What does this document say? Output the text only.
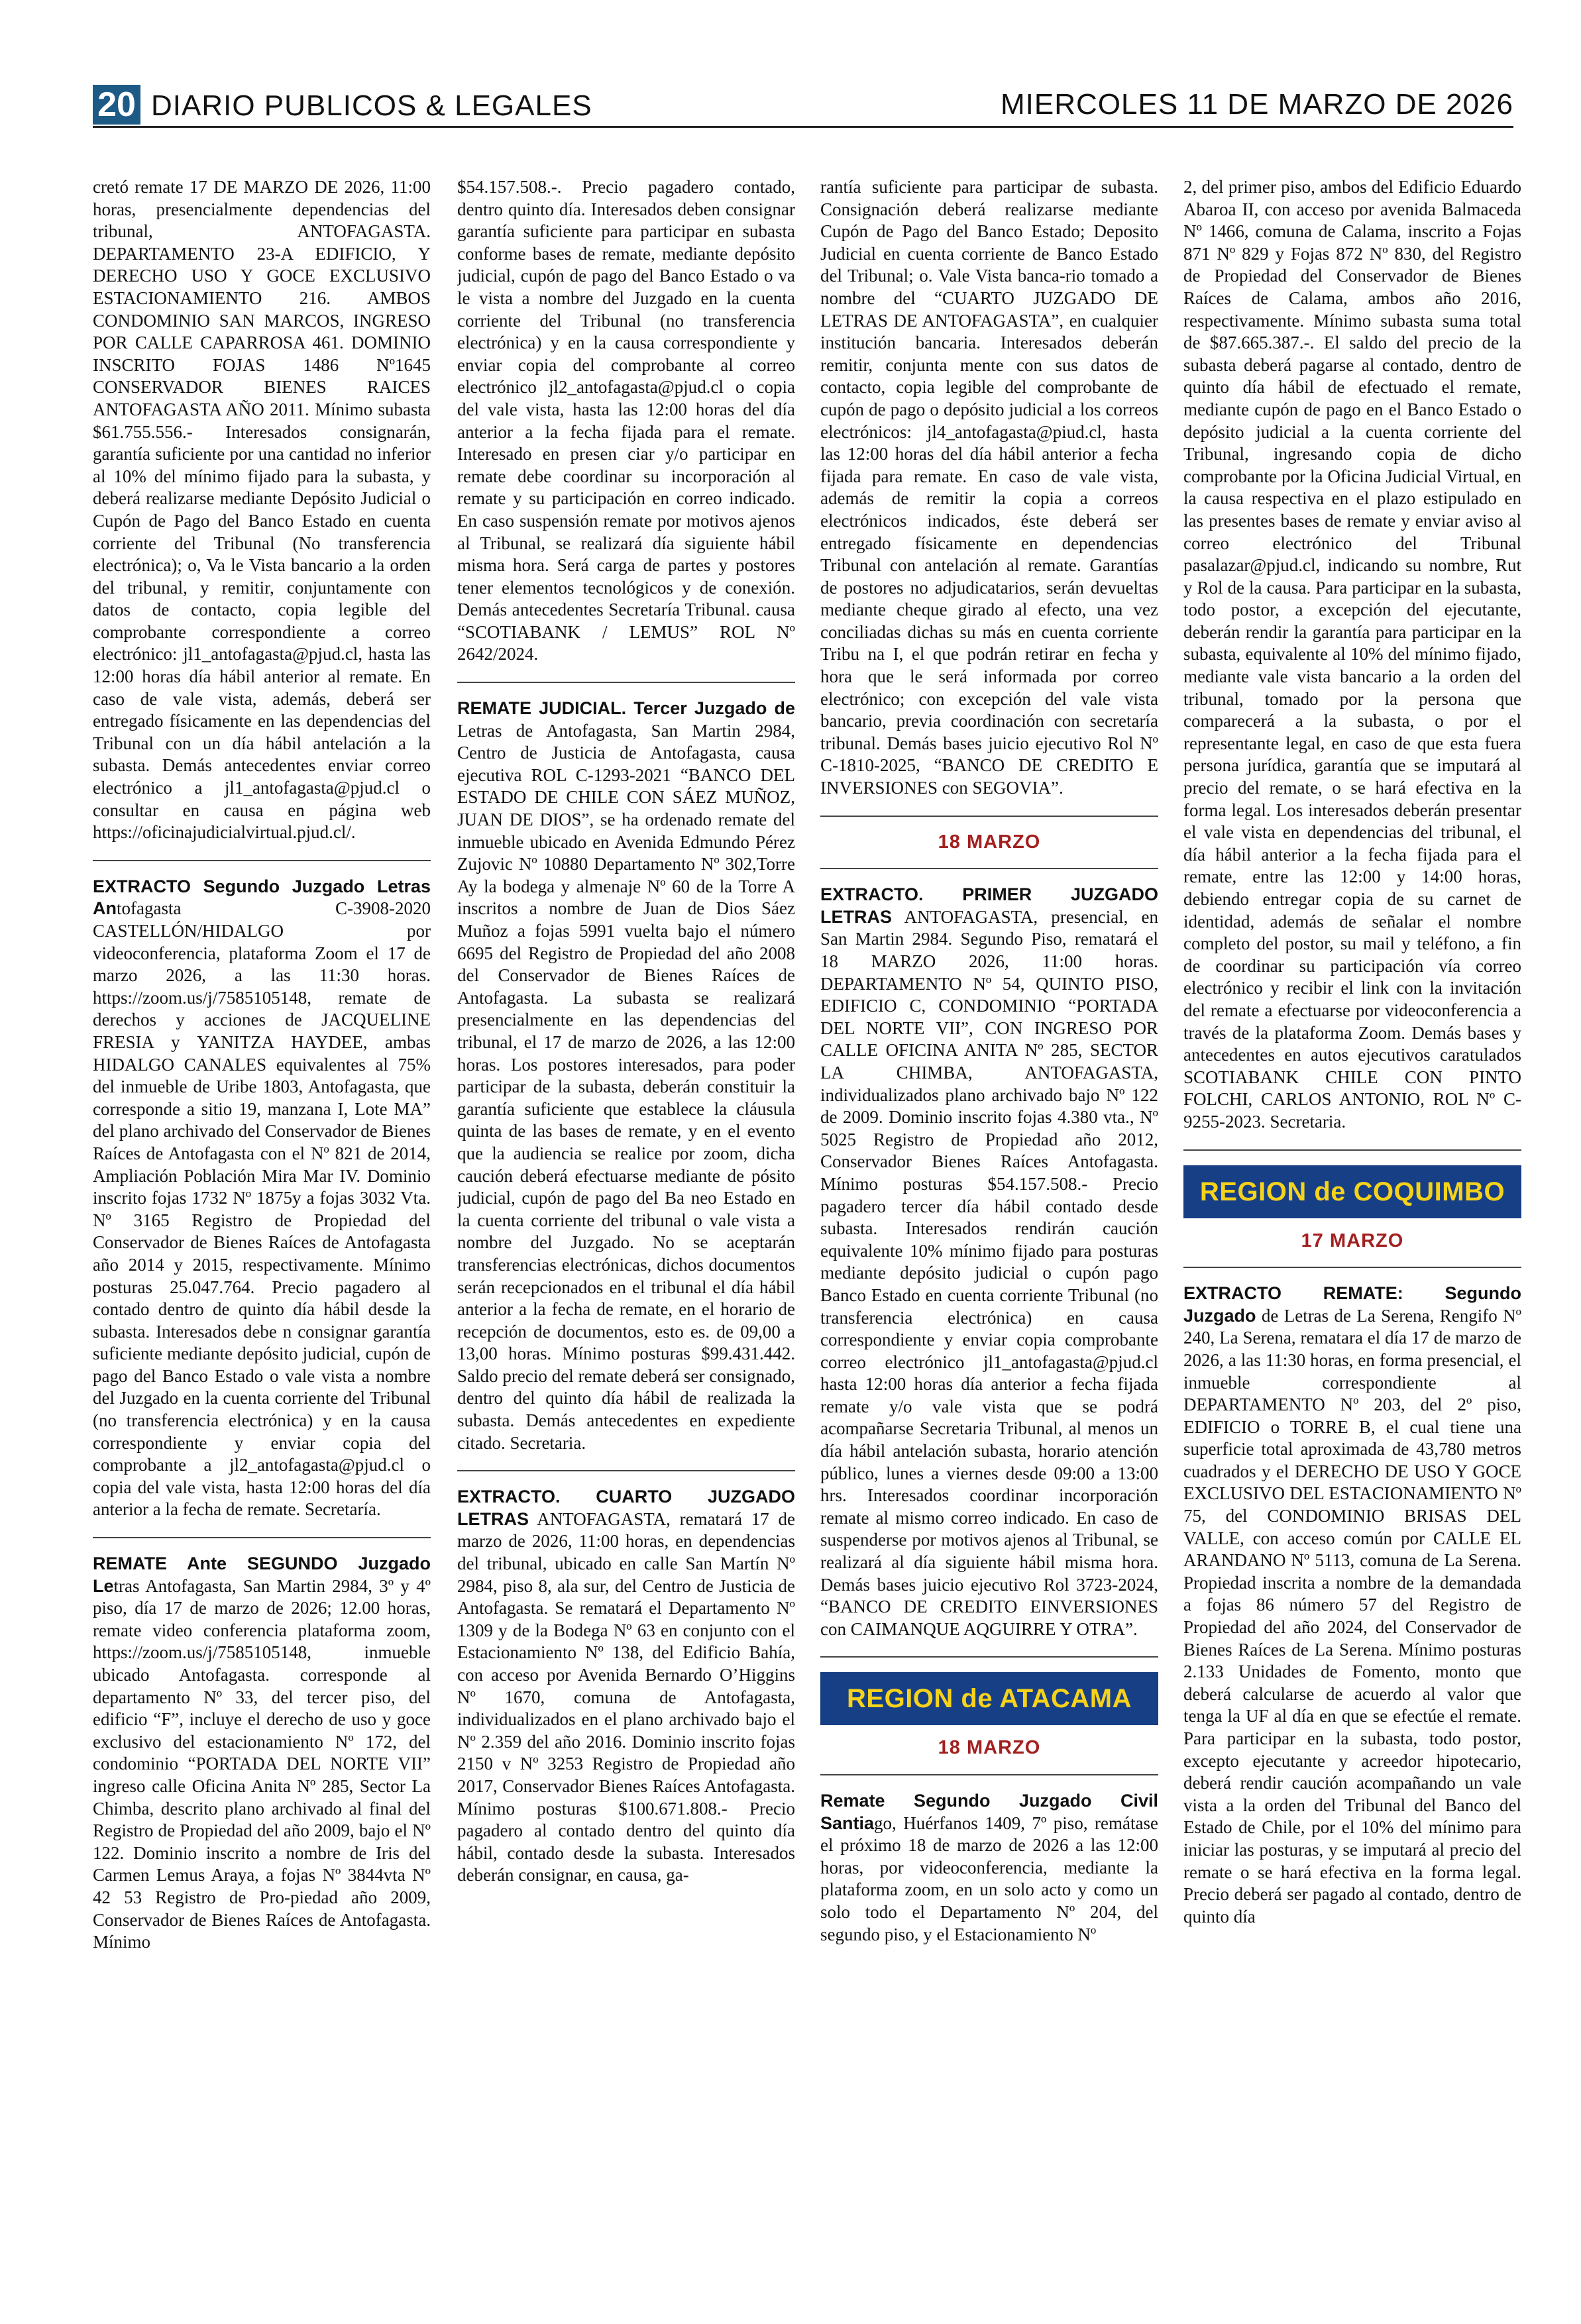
20 DIARIO PUBLICOS & LEGALES	MIERCOLES 11 DE MARZO DE 2026

cretó remate 17 DE MARZO DE 2026, 11:00 horas, presencialmente dependencias del tribunal, ANTOFAGASTA. DEPARTAMENTO 23-A EDIFICIO, Y DERECHO USO Y GOCE EXCLUSIVO ESTACIONAMIENTO 216. AMBOS CONDOMINIO SAN MARCOS, INGRESO POR CALLE CAPARROSA 461. DOMINIO INSCRITO FOJAS 1486 Nº1645 CONSERVADOR BIENES RAICES ANTOFAGASTA AÑO 2011. Mínimo subasta $61.755.556.- Interesados consignarán, garantía suficiente por una cantidad no inferior al 10% del mínimo fijado para la subasta, y deberá realizarse mediante Depósito Judicial o Cupón de Pago del Banco Estado en cuenta corriente del Tribunal (No transferencia electrónica); o, Va le Vista bancario a la orden del tribunal, y remitir, conjuntamente con datos de contacto, copia legible del comprobante correspondiente a correo electrónico: jl1_antofagasta@pjud.cl, hasta las 12:00 horas día hábil anterior al remate. En caso de vale vista, además, deberá ser entregado físicamente en las dependencias del Tribunal con un día hábil antelación a la subasta. Demás antecedentes enviar correo electrónico a jl1_antofagasta@pjud.cl o consultar en causa en página web https://oficinajudicialvirtual.pjud.cl/.

EXTRACTO Segundo Juzgado Letras Antofagasta C-3908-2020 CASTELLÓN/HIDALGO por videoconferencia, plataforma Zoom el 17 de marzo 2026, a las 11:30 horas. https://zoom.us/j/7585105148, remate de derechos y acciones de JACQUELINE FRESIA y YANITZA HAYDEE, ambas HIDALGO CANALES equivalentes al 75% del inmueble de Uribe 1803, Antofagasta, que corresponde a sitio 19, manzana I, Lote MA” del plano archivado del Conservador de Bienes Raíces de Antofagasta con el Nº 821 de 2014, Ampliación Población Mira Mar IV. Dominio inscrito fojas 1732 Nº 1875y a fojas 3032 Vta. Nº 3165 Registro de Propiedad del Conservador de Bienes Raíces de Antofagasta año 2014 y 2015, respectivamente. Mínimo posturas 25.047.764. Precio pagadero al contado dentro de quinto día hábil desde la subasta. Interesados debe n consignar garantía suficiente mediante depósito judicial, cupón de pago del Banco Estado o vale vista a nombre del Juzgado en la cuenta corriente del Tribunal (no transferencia electrónica) y en la causa correspondiente y enviar copia del comprobante a jl2_antofagasta@pjud.cl o copia del vale vista, hasta 12:00 horas del día anterior a la fecha de remate. Secretaría.

REMATE Ante SEGUNDO Juzgado Letras Antofagasta, San Martin 2984, 3º y 4º piso, día 17 de marzo de 2026; 12.00 horas, remate video conferencia plataforma zoom, https://zoom.us/j/7585105148, inmueble ubicado Antofagasta. corresponde al departamento Nº 33, del tercer piso, del edificio “F”, incluye el derecho de uso y goce exclusivo del estacionamiento Nº 172, del condominio “PORTADA DEL NORTE VII” ingreso calle Oficina Anita Nº 285, Sector La Chimba, descrito plano archivado al final del Registro de Propiedad del año 2009, bajo el Nº 122. Dominio inscrito a nombre de Iris del Carmen Lemus Araya, a fojas Nº 3844vta Nº 42 53 Registro de Pro-piedad año 2009, Conservador de Bienes Raíces de Antofagasta. Mínimo

$54.157.508.-. Precio pagadero contado, dentro quinto día. Interesados deben consignar garantía suficiente para participar en subasta conforme bases de remate, mediante depósito judicial, cupón de pago del Banco Estado o va le vista a nombre del Juzgado en la cuenta corriente del Tribunal (no transferencia electrónica) y en la causa correspondiente y enviar copia del comprobante al correo electrónico jl2_antofagasta@pjud.cl o copia del vale vista, hasta las 12:00 horas del día anterior a la fecha fijada para el remate. Interesado en presen ciar y/o participar en remate debe coordinar su incorporación al remate y su participación en correo indicado. En caso suspensión remate por motivos ajenos al Tribunal, se realizará día siguiente hábil misma hora. Será carga de partes y postores tener elementos tecnológicos y de conexión. Demás antecedentes Secretaría Tribunal. causa “SCOTIABANK / LEMUS” ROL Nº 2642/2024.

REMATE JUDICIAL. Tercer Juzgado de Letras de Antofagasta, San Martin 2984, Centro de Justicia de Antofagasta, causa ejecutiva ROL C-1293-2021 “BANCO DEL ESTADO DE CHILE CON SÁEZ MUÑOZ, JUAN DE DIOS”, se ha ordenado remate del inmueble ubicado en Avenida Edmundo Pérez Zujovic Nº 10880 Departamento Nº 302,Torre Ay la bodega y almenaje Nº 60 de la Torre A inscritos a nombre de Juan de Dios Sáez Muñoz a fojas 5991 vuelta bajo el número 6695 del Registro de Propiedad del año 2008 del Conservador de Bienes Raíces de Antofagasta. La subasta se realizará presencialmente en las dependencias del tribunal, el 17 de marzo de 2026, a las 12:00 horas. Los postores interesados, para poder participar de la subasta, deberán constituir la garantía suficiente que establece la cláusula quinta de las bases de remate, y en el evento que la audiencia se realice por zoom, dicha caución deberá efectuarse mediante de pósito judicial, cupón de pago del Ba neo Estado en la cuenta corriente del tribunal o vale vista a nombre del Juzgado. No se aceptarán transferencias electrónicas, dichos documentos serán recepcionados en el tribunal el día hábil anterior a la fecha de remate, en el horario de recepción de documentos, esto es. de 09,00 a 13,00 horas. Mínimo posturas $99.431.442. Saldo precio del remate deberá ser consignado, dentro del quinto día hábil de realizada la subasta. Demás antecedentes en expediente citado. Secretaria.

EXTRACTO. CUARTO JUZGADO LETRAS ANTOFAGASTA, rematará 17 de marzo de 2026, 11:00 horas, en dependencias del tribunal, ubicado en calle San Martín Nº 2984, piso 8, ala sur, del Centro de Justicia de Antofagasta. Se rematará el Departamento Nº 1309 y de la Bodega Nº 63 en conjunto con el Estacionamiento Nº 138, del Edificio Bahía, con acceso por Avenida Bernardo O’Higgins Nº 1670, comuna de Antofagasta, individualizados en el plano archivado bajo el Nº 2.359 del año 2016. Dominio inscrito fojas 2150 v Nº 3253 Registro de Propiedad año 2017, Conservador Bienes Raíces Antofagasta. Mínimo posturas $100.671.808.- Precio pagadero al contado dentro del quinto día hábil, contado desde la subasta. Interesados deberán consignar, en causa, ga-

rantía suficiente para participar de subasta. Consignación deberá realizarse mediante Cupón de Pago del Banco Estado; Deposito Judicial en cuenta corriente de Banco Estado del Tribunal; o. Vale Vista banca-rio tomado a nombre del “CUARTO JUZGADO DE LETRAS DE ANTOFAGASTA”, en cualquier institución bancaria. Interesados deberán remitir, conjunta mente con sus datos de contacto, copia legible del comprobante de cupón de pago o depósito judicial a los correos electrónicos: jl4_antofagasta@piud.cl, hasta las 12:00 horas del día hábil anterior a fecha fijada para remate. En caso de vale vista, además de remitir la copia a correos electrónicos indicados, éste deberá ser entregado físicamente en dependencias Tribunal con antelación al remate. Garantías de postores no adjudicatarios, serán devueltas mediante cheque girado al efecto, una vez conciliadas dichas su más en cuenta corriente Tribu na I, el que podrán retirar en fecha y hora que le será informada por correo electrónico; con excepción del vale vista bancario, previa coordinación con secretaría tribunal. Demás bases juicio ejecutivo Rol Nº C-1810-2025, “BANCO DE CREDITO E INVERSIONES con SEGOVIA”.

18 MARZO

EXTRACTO. PRIMER JUZGADO LETRAS ANTOFAGASTA, presencial, en San Martin 2984. Segundo Piso, rematará el 18 MARZO 2026, 11:00 horas. DEPARTAMENTO Nº 54, QUINTO PISO, EDIFICIO C, CONDOMINIO “PORTADA DEL NORTE VII”, CON INGRESO POR CALLE OFICINA ANITA Nº 285, SECTOR LA CHIMBA, ANTOFAGASTA, individualizados plano archivado bajo Nº 122 de 2009. Dominio inscrito fojas 4.380 vta., Nº 5025 Registro de Propiedad año 2012, Conservador Bienes Raíces Antofagasta. Mínimo posturas $54.157.508.- Precio pagadero tercer día hábil contado desde subasta. Interesados rendirán caución equivalente 10% mínimo fijado para posturas mediante depósito judicial o cupón pago Banco Estado en cuenta corriente Tribunal (no transferencia electrónica) en causa correspondiente y enviar copia comprobante correo electrónico jl1_antofagasta@pjud.cl hasta 12:00 horas día anterior a fecha fijada remate y/o vale vista que se podrá acompañarse Secretaria Tribunal, al menos un día hábil antelación subasta, horario atención público, lunes a viernes desde 09:00 a 13:00 hrs. Interesados coordinar incorporación remate al mismo correo indicado. En caso de suspenderse por motivos ajenos al Tribunal, se realizará al día siguiente hábil misma hora. Demás bases juicio ejecutivo Rol 3723-2024, “BANCO DE CREDITO EINVERSIONES con CAIMANQUE AQGUIRRE Y OTRA”.

REGION de ATACAMA
18 MARZO

Remate Segundo Juzgado Civil Santiago, Huérfanos 1409, 7º piso, remátase el próximo 18 de marzo de 2026 a las 12:00 horas, por videoconferencia, mediante la plataforma zoom, en un solo acto y como un solo todo el Departamento Nº 204, del segundo piso, y el Estacionamiento Nº

2, del primer piso, ambos del Edificio Eduardo Abaroa II, con acceso por avenida Balmaceda Nº 1466, comuna de Calama, inscrito a Fojas 871 Nº 829 y Fojas 872 Nº 830, del Registro de Propiedad del Conservador de Bienes Raíces de Calama, ambos año 2016, respectivamente. Mínimo subasta suma total de $87.665.387.-. El saldo del precio de la subasta deberá pagarse al contado, dentro de quinto día hábil de efectuado el remate, mediante cupón de pago en el Banco Estado o depósito judicial a la cuenta corriente del Tribunal, ingresando copia de dicho comprobante por la Oficina Judicial Virtual, en la causa respectiva en el plazo estipulado en las presentes bases de remate y enviar aviso al correo electrónico del Tribunal pasalazar@pjud.cl, indicando su nombre, Rut y Rol de la causa. Para participar en la subasta, todo postor, a excepción del ejecutante, deberán rendir la garantía para participar en la subasta, equivalente al 10% del mínimo fijado, mediante vale vista bancario a la orden del tribunal, tomado por la persona que comparecerá a la subasta, o por el representante legal, en caso de que esta fuera persona jurídica, garantía que se imputará al precio del remate, o se hará efectiva en la forma legal. Los interesados deberán presentar el vale vista en dependencias del tribunal, el día hábil anterior a la fecha fijada para el remate, entre las 12:00 y 14:00 horas, debiendo entregar copia de su carnet de identidad, además de señalar el nombre completo del postor, su mail y teléfono, a fin de coordinar su participación vía correo electrónico y recibir el link con la invitación del remate a efectuarse por videoconferencia a través de la plataforma Zoom. Demás bases y antecedentes en autos ejecutivos caratulados SCOTIABANK CHILE CON PINTO FOLCHI, CARLOS ANTONIO, ROL Nº C-9255-2023. Secretaria.

REGION de COQUIMBO
17 MARZO

EXTRACTO REMATE: Segundo Juzgado de Letras de La Serena, Rengifo Nº 240, La Serena, rematara el día 17 de marzo de 2026, a las 11:30 horas, en forma presencial, el inmueble correspondiente al DEPARTAMENTO Nº 203, del 2º piso, EDIFICIO o TORRE B, el cual tiene una superficie total aproximada de 43,780 metros cuadrados y el DERECHO DE USO Y GOCE EXCLUSIVO DEL ESTACIONAMIENTO Nº 75, del CONDOMINIO BRISAS DEL VALLE, con acceso común por CALLE EL ARANDANO Nº 5113, comuna de La Serena. Propiedad inscrita a nombre de la demandada a fojas 86 número 57 del Registro de Propiedad del año 2024, del Conservador de Bienes Raíces de La Serena. Mínimo posturas 2.133 Unidades de Fomento, monto que deberá calcularse de acuerdo al valor que tenga la UF al día en que se efectúe el remate. Para participar en la subasta, todo postor, excepto ejecutante y acreedor hipotecario, deberá rendir caución acompañando un vale vista a la orden del Tribunal del Banco del Estado de Chile, por el 10% del mínimo para iniciar las posturas, y se imputará al precio del remate o se hará efectiva en la forma legal. Precio deberá ser pagado al contado, dentro de quinto día
